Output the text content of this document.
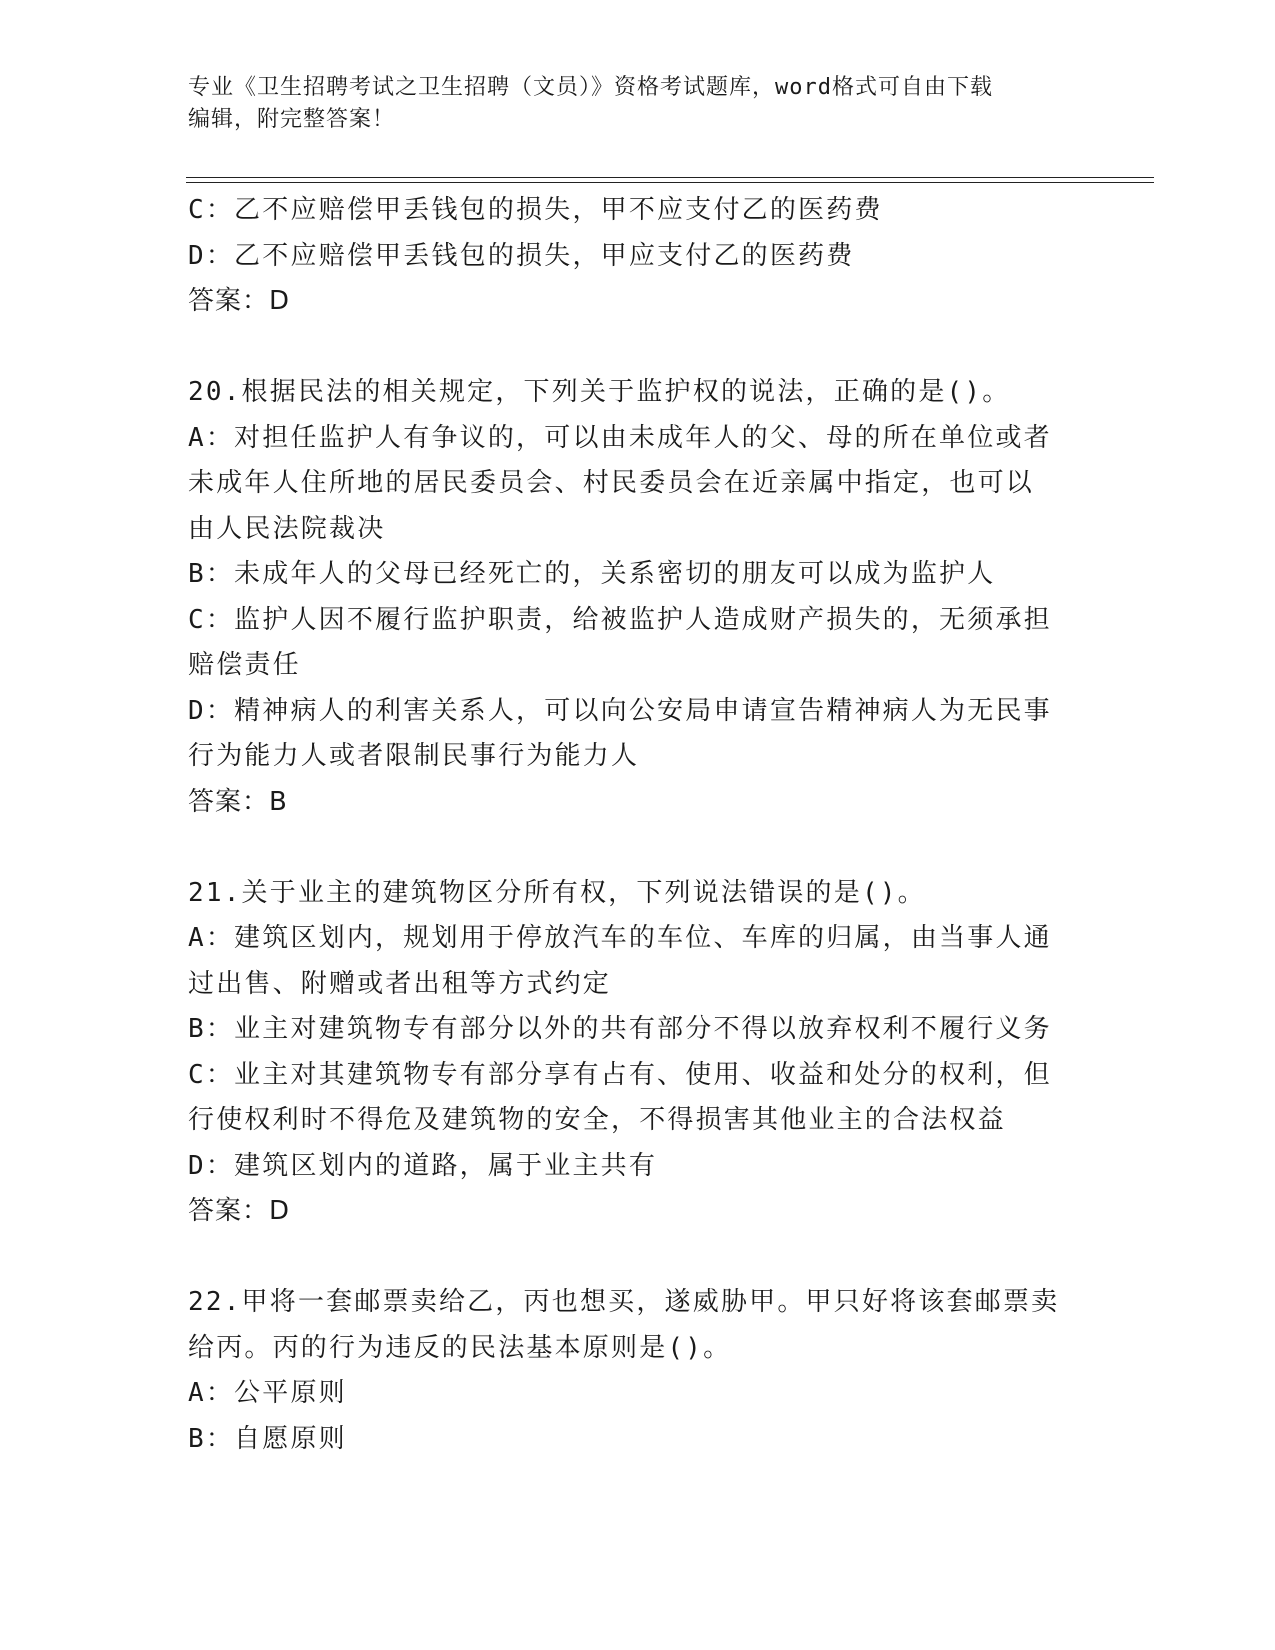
专业《卫生招聘考试之卫生招聘（文员）》资格考试题库，word格式可自由下载
编辑，附完整答案！
C：乙不应赔偿甲丢钱包的损失，甲不应支付乙的医药费
D：乙不应赔偿甲丢钱包的损失，甲应支付乙的医药费
答案：D
20.根据民法的相关规定，下列关于监护权的说法，正确的是()。
A：对担任监护人有争议的，可以由未成年人的父、母的所在单位或者
未成年人住所地的居民委员会、村民委员会在近亲属中指定，也可以
由人民法院裁决
B：未成年人的父母已经死亡的，关系密切的朋友可以成为监护人
C：监护人因不履行监护职责，给被监护人造成财产损失的，无须承担
赔偿责任
D：精神病人的利害关系人，可以向公安局申请宣告精神病人为无民事
行为能力人或者限制民事行为能力人
答案：B
21.关于业主的建筑物区分所有权，下列说法错误的是()。
A：建筑区划内，规划用于停放汽车的车位、车库的归属，由当事人通
过出售、附赠或者出租等方式约定
B：业主对建筑物专有部分以外的共有部分不得以放弃权利不履行义务
C：业主对其建筑物专有部分享有占有、使用、收益和处分的权利，但
行使权利时不得危及建筑物的安全，不得损害其他业主的合法权益
D：建筑区划内的道路，属于业主共有
答案：D
22.甲将一套邮票卖给乙，丙也想买，遂威胁甲。甲只好将该套邮票卖
给丙。丙的行为违反的民法基本原则是()。
A：公平原则
B：自愿原则
